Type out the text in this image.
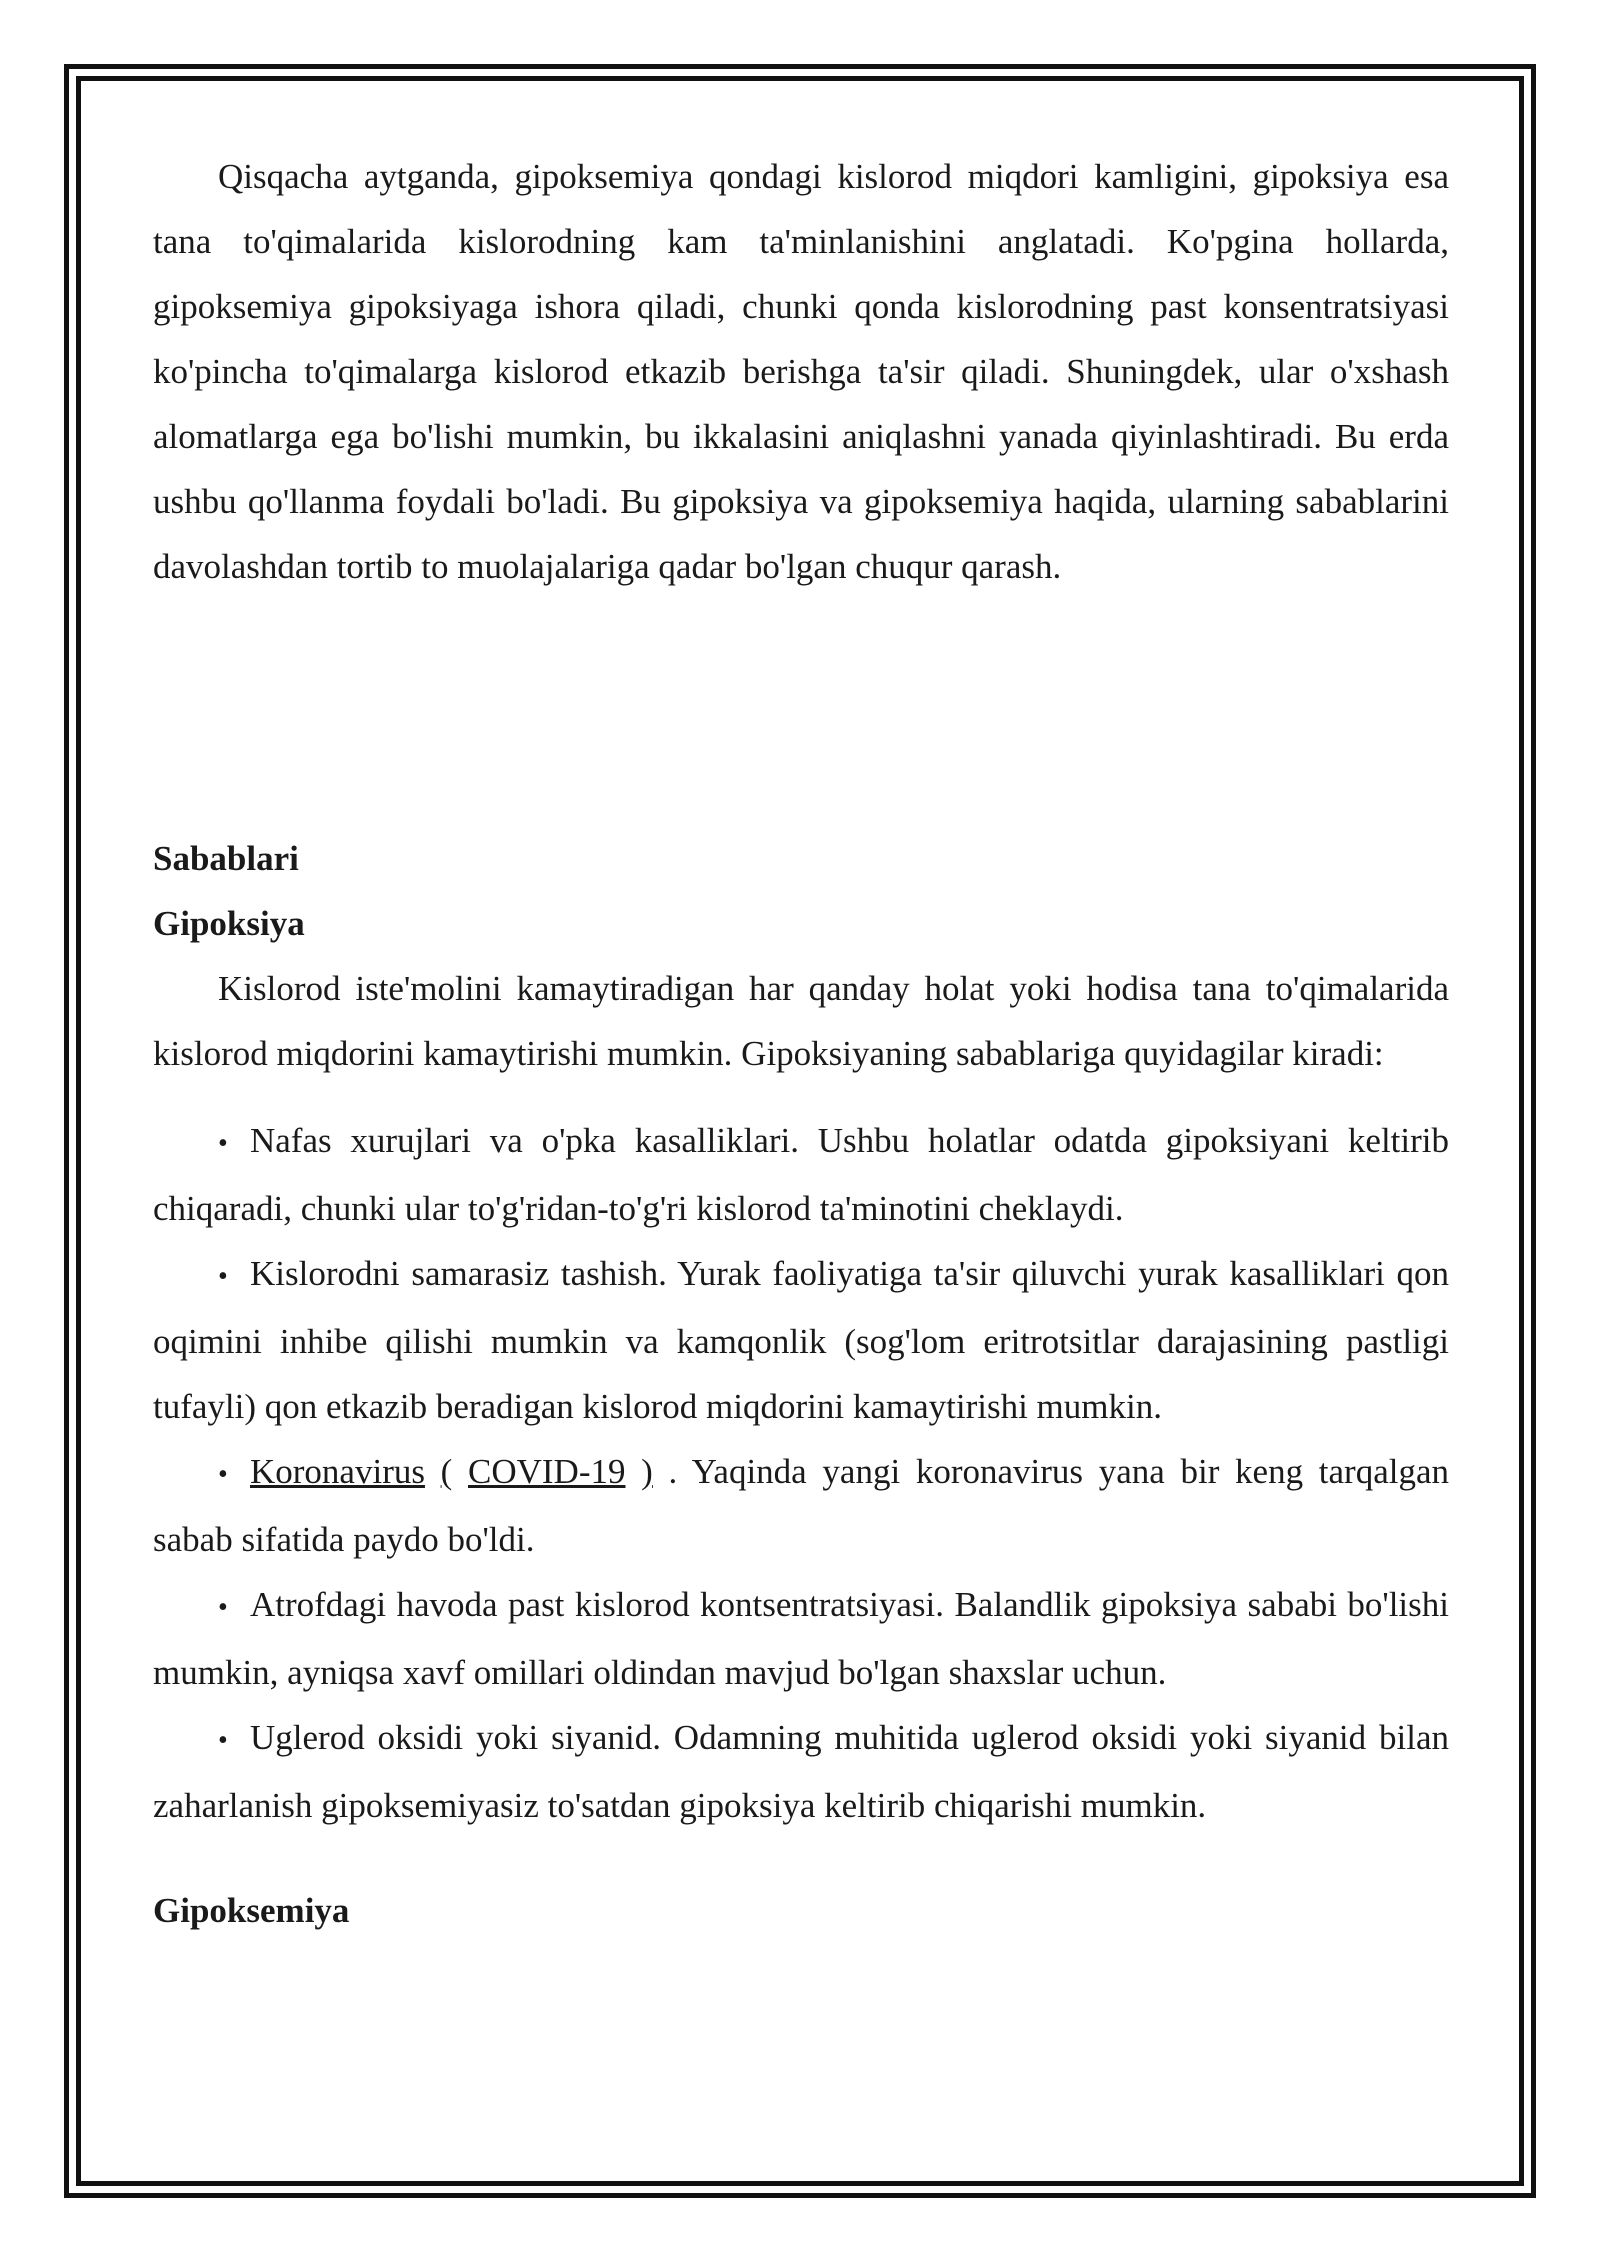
Qisqacha aytganda, gipoksemiya qondagi kislorod miqdori kamligini, gipoksiya esa tana to'qimalarida kislorodning kam ta'minlanishini anglatadi. Ko'pgina hollarda, gipoksemiya gipoksiyaga ishora qiladi, chunki qonda kislorodning past konsentratsiyasi ko'pincha to'qimalarga kislorod etkazib berishga ta'sir qiladi. Shuningdek, ular o'xshash alomatlarga ega bo'lishi mumkin, bu ikkalasini aniqlashni yanada qiyinlashtiradi. Bu erda ushbu qo'llanma foydali bo'ladi. Bu gipoksiya va gipoksemiya haqida, ularning sabablarini davolashdan tortib to muolajalariga qadar bo'lgan chuqur qarash.

Sabablari
Gipoksiya

Kislorod iste'molini kamaytiradigan har qanday holat yoki hodisa tana to'qimalarida kislorod miqdorini kamaytirishi mumkin. Gipoksiyaning sabablariga quyidagilar kiradi:

• Nafas xurujlari va o'pka kasalliklari. Ushbu holatlar odatda gipoksiyani keltirib chiqaradi, chunki ular to'g'ridan-to'g'ri kislorod ta'minotini cheklaydi.
• Kislorodni samarasiz tashish. Yurak faoliyatiga ta'sir qiluvchi yurak kasalliklari qon oqimini inhibe qilishi mumkin va kamqonlik (sog'lom eritrotsitlar darajasining pastligi tufayli) qon etkazib beradigan kislorod miqdorini kamaytirishi mumkin.
• Koronavirus ( COVID-19 ) . Yaqinda yangi koronavirus yana bir keng tarqalgan sabab sifatida paydo bo'ldi.
• Atrofdagi havoda past kislorod kontsentratsiyasi. Balandlik gipoksiya sababi bo'lishi mumkin, ayniqsa xavf omillari oldindan mavjud bo'lgan shaxslar uchun.
• Uglerod oksidi yoki siyanid. Odamning muhitida uglerod oksidi yoki siyanid bilan zaharlanish gipoksemiyasiz to'satdan gipoksiya keltirib chiqarishi mumkin.
Gipoksemiya
